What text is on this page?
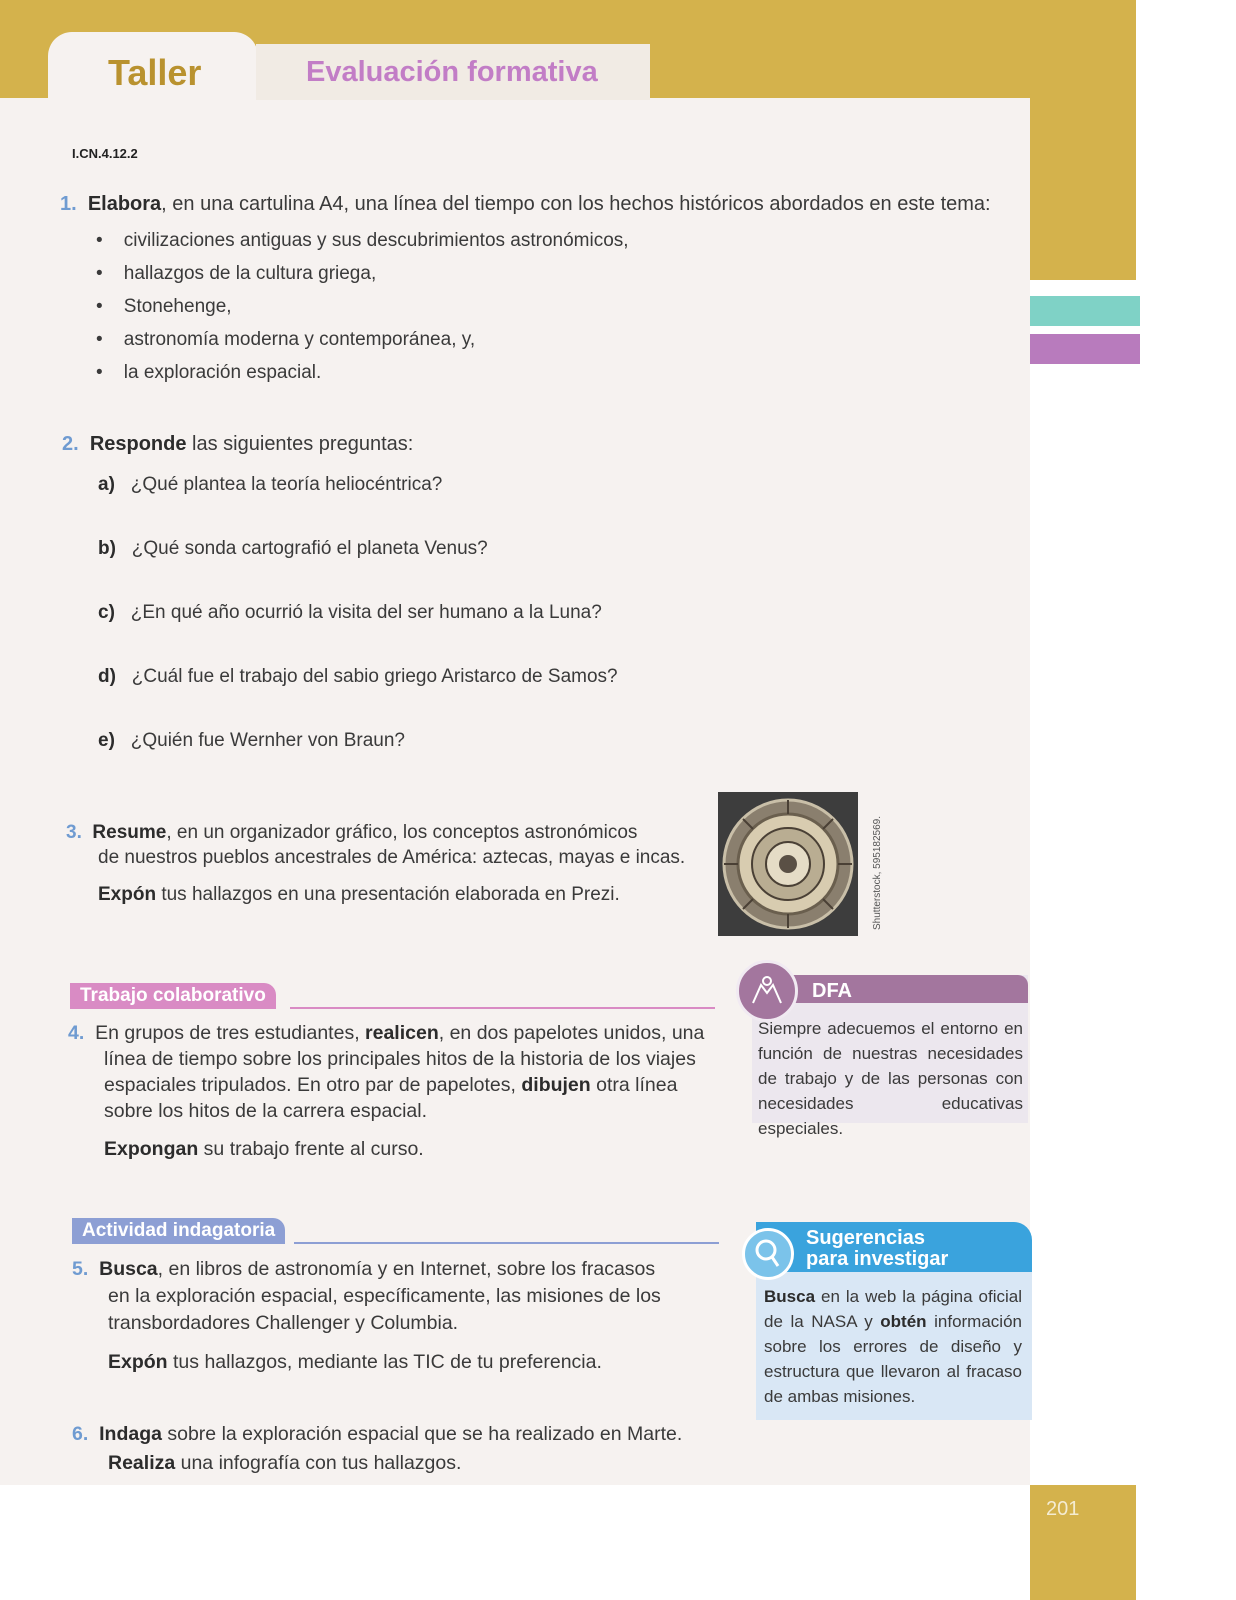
Taller	Evaluación formativa
201
I.CN.4.12.2
1. Elabora, en una cartulina A4, una línea del tiempo con los hechos históricos abordados en este tema:
• civilizaciones antiguas y sus descubrimientos astronómicos,
• hallazgos de la cultura griega,
• Stonehenge,
• astronomía moderna y contemporánea, y,
• la exploración espacial.
2. Responde las siguientes preguntas:
a) ¿Qué plantea la teoría heliocéntrica?
b) ¿Qué sonda cartografió el planeta Venus?
c) ¿En qué año ocurrió la visita del ser humano a la Luna?
d) ¿Cuál fue el trabajo del sabio griego Aristarco de Samos?
e) ¿Quién fue Wernher von Braun?
3. Resume, en un organizador gráfico, los conceptos astronómicos
de nuestros pueblos ancestrales de América: aztecas, mayas e incas.
Expón tus hallazgos en una presentación elaborada en Prezi.	Shutterstock, 595182569.
Trabajo colaborativo
4. En grupos de tres estudiantes, realicen, en dos papelotes unidos, una
línea de tiempo sobre los principales hitos de la historia de los viajes
espaciales tripulados. En otro par de papelotes, dibujen otra línea
sobre los hitos de la carrera espacial.
Expongan su trabajo frente al curso.
DFA
Siempre adecuemos el entorno en función de nuestras necesidades de trabajo y de las personas con necesidades educativas especiales.
Actividad indagatoria
5. Busca, en libros de astronomía y en Internet, sobre los fracasos
en la exploración espacial, específicamente, las misiones de los
transbordadores Challenger y Columbia.
Expón tus hallazgos, mediante las TIC de tu preferencia.
6. Indaga sobre la exploración espacial que se ha realizado en Marte.
Realiza una infografía con tus hallazgos.
Sugerencias
para investigar
Busca en la web la página oficial de la NASA y obtén información sobre los errores de diseño y estructura que llevaron al fracaso de ambas misiones.
